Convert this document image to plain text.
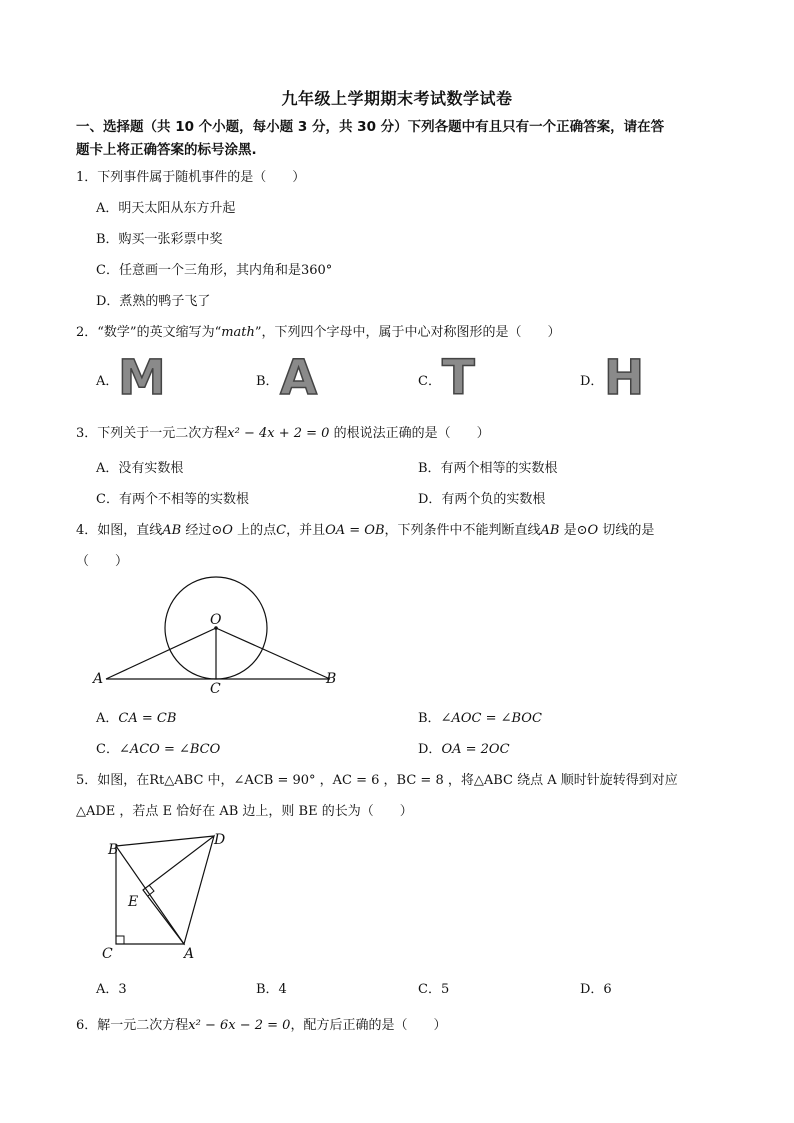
九年级上学期期末考试数学试卷
一、选择题（共 10 个小题，每小题 3 分，共 30 分）下列各题中有且只有一个正确答案，请在答
题卡上将正确答案的标号涂黑.
1．下列事件属于随机事件的是（　　）
A．明天太阳从东方升起
B．购买一张彩票中奖
C．任意画一个三角形，其内角和是360°
D．煮熟的鸭子飞了
2．“数学”的英文缩写为“math”，下列四个字母中，属于中心对称图形的是（　　）
A． M	B． A	C． T	D． H
3．下列关于一元二次方程x² − 4x + 2 = 0 的根说法正确的是（　　）
A．没有实数根	B．有两个相等的实数根
C．有两个不相等的实数根	D．有两个负的实数根
4．如图，直线AB 经过⊙O 上的点C，并且OA = OB，下列条件中不能判断直线AB 是⊙O 切线的是
（　　）
O
A
C
B
A．CA = CB	B．∠AOC = ∠BOC
C．∠ACO = ∠BCO	D．OA = 2OC
5．如图，在Rt△ABC 中，∠ACB = 90° ，AC = 6 ，BC = 8 ，将△ABC 绕点 A 顺时针旋转得到对应
△ADE ，若点 E 恰好在 AB 边上，则 BE 的长为（　　）
B
D
E
C	A
A．3	B．4	C．5	D．6
6．解一元二次方程x² − 6x − 2 = 0，配方后正确的是（　　）
